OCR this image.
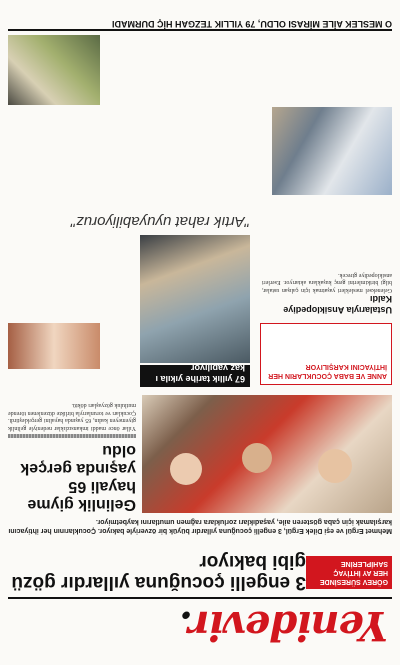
Yenidevir.
GÖREV SÜRESİNDE HER AY İHTİYAÇ SAHİPLERİNE
3 engelli çocuğuna yıllardır gözü gibi bakıyor
Mehmet Ergül ve eşi Dilek Ergül, 3 engelli çocuğuna yıllardır büyük bir özveriyle bakıyor. Çocuklarının her ihtiyacını karşılamak için çaba gösteren aile, yaşadıkları zorluklara rağmen umutlarını kaybetmiyor.
Gelinlik giyme hayali 65 yaşında gerçek oldu
Yıllar önce maddi imkansızlıklar nedeniyle gelinlik giyemeyen kadın, 65 yaşında hayalini gerçekleştirdi. Çocukları ve torunlarıyla birlikte düzenlenen törende mutluluk gözyaşları döktü.
ANNE VE BABA ÇOCUKLARIN HER İHTİYACINI KARŞILIYOR
67 yıllık tarihe yıkıla ı kaz yapılıyor
"Artık rahat uyuyabiliyoruz"
Ustalarıyla Ansiklopediye Kaldı
Geleneksel meslekleri yaşatmak için çalışan ustalar, bilgi birikimlerini genç kuşaklara aktarıyor. Eserleri ansiklopediye girecek.
O MESLEK AİLE MİRASI OLDU, 79 YILLIK TEZGAH HİÇ DURMADI
